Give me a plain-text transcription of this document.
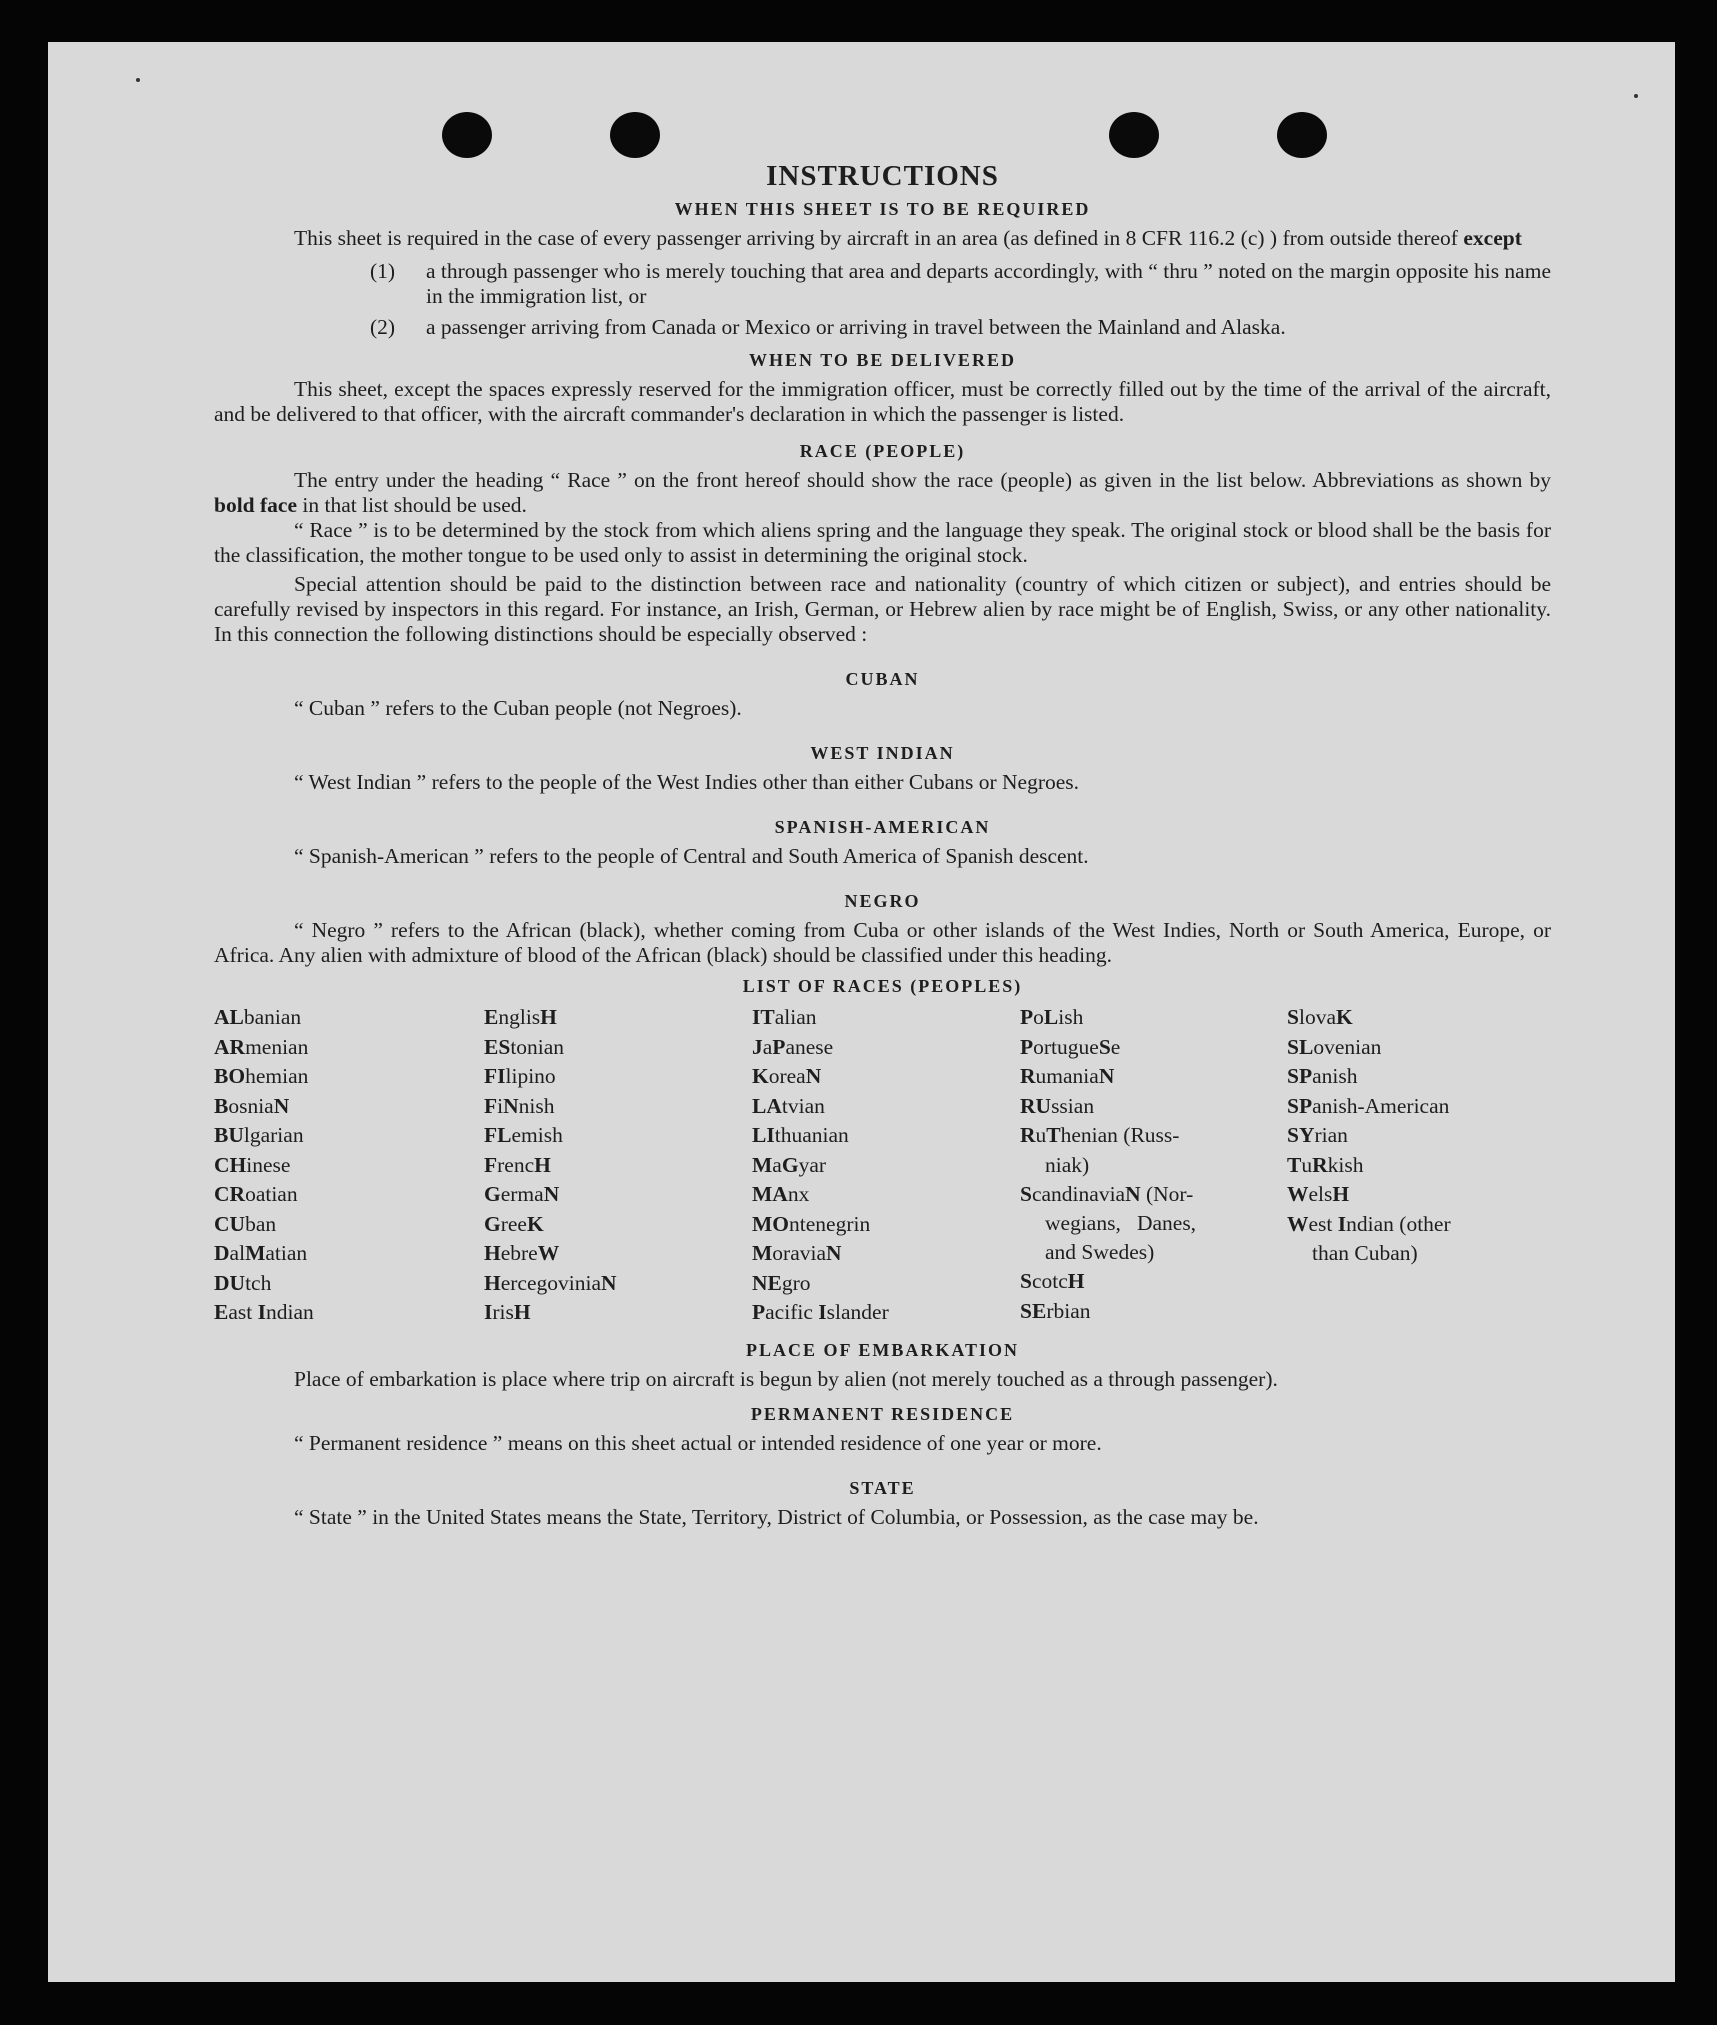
INSTRUCTIONS
WHEN THIS SHEET IS TO BE REQUIRED

This sheet is required in the case of every passenger arriving by aircraft in an area (as defined in 8 CFR 116.2 (c) ) from outside thereof except

(1)	a through passenger who is merely touching that area and departs accordingly, with “ thru ” noted on the margin opposite his name in the immigration list, or
(2)	a passenger arriving from Canada or Mexico or arriving in travel between the Mainland and Alaska.
WHEN TO BE DELIVERED

This sheet, except the spaces expressly reserved for the immigration officer, must be correctly filled out by the time of the arrival of the aircraft, and be delivered to that officer, with the aircraft commander's declaration in which the passenger is listed.

RACE (PEOPLE)

The entry under the heading “ Race ” on the front hereof should show the race (people) as given in the list below. Abbreviations as shown by bold face in that list should be used.

“ Race ” is to be determined by the stock from which aliens spring and the language they speak. The original stock or blood shall be the basis for the classification, the mother tongue to be used only to assist in determining the original stock.

Special attention should be paid to the distinction between race and nationality (country of which citizen or subject), and entries should be carefully revised by inspectors in this regard. For instance, an Irish, German, or Hebrew alien by race might be of English, Swiss, or any other nationality. In this connection the following distinctions should be especially observed :

CUBAN

“ Cuban ” refers to the Cuban people (not Negroes).

WEST INDIAN

“ West Indian ” refers to the people of the West Indies other than either Cubans or Negroes.

SPANISH-AMERICAN

“ Spanish-American ” refers to the people of Central and South America of Spanish descent.

NEGRO

“ Negro ” refers to the African (black), whether coming from Cuba or other islands of the West Indies, North or South America, Europe, or Africa. Any alien with admixture of blood of the African (black) should be classified under this heading.

LIST OF RACES (PEOPLES)
ALbanian
ARmenian
BOhemian
BosniaN
BUlgarian
CHinese
CRoatian
CUban
DalMatian
DUtch
East Indian
EnglisH
EStonian
FIlipino
FiNnish
FLemish
FrencH
GermaN
GreeK
HebreW
HercegoviniaN
IrisH
ITalian
JaPanese
KoreaN
LAtvian
LIthuanian
MaGyar
MAnx
MOntenegrin
MoraviaN
NEgro
Pacific Islander
PoLish
PortugueSe
RumaniaN
RUssian
RuThenian (Russ-
niak)
ScandinaviaN (Nor-
wegians,   Danes,
and Swedes)
ScotcH
SErbian
SlovaK
SLovenian
SPanish
SPanish-American
SYrian
TuRkish
WelsH
West Indian (other
than Cuban)
PLACE OF EMBARKATION

Place of embarkation is place where trip on aircraft is begun by alien (not merely touched as a through passenger).

PERMANENT RESIDENCE

“ Permanent residence ” means on this sheet actual or intended residence of one year or more.

STATE

“ State ” in the United States means the State, Territory, District of Columbia, or Possession, as the case may be.
